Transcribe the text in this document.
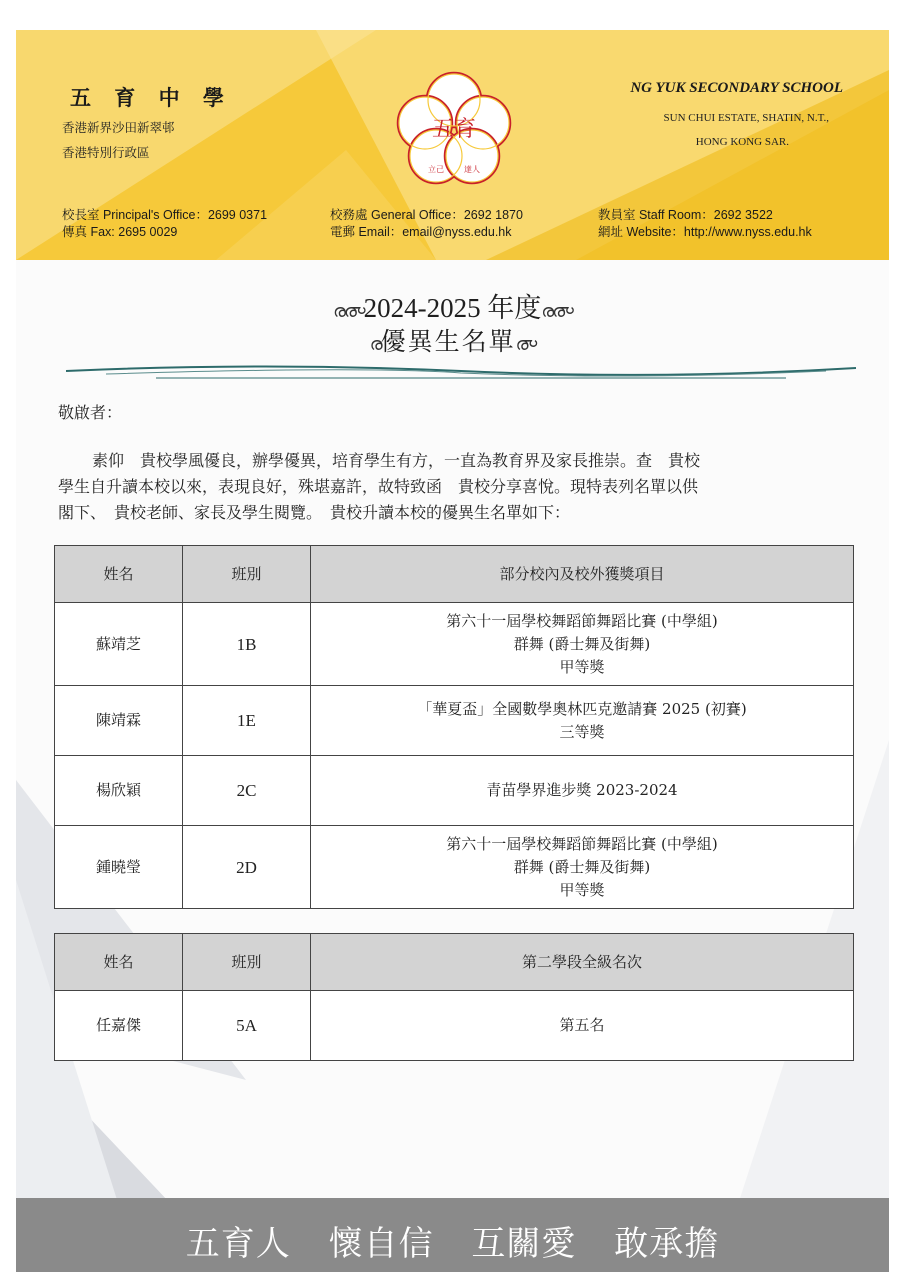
五 育 中 學
香港新界沙田新翠邨
香港特別行政區
五育
立己	達人
NG YUK SECONDARY SCHOOL
SUN CHUI ESTATE, SHATIN, N.T.,
HONG KONG SAR.
校長室 Principal's Office：2699 0371
傳真 Fax: 2695 0029
校務處 General Office：2692 1870
電郵 Email：email@nyss.edu.hk
教員室 Staff Room：2692 3522
網址 Website：http://www.nyss.edu.hk
ര൞2024-2025 年度ര൞
ര優異生名單൞
敬啟者：
素仰　貴校學風優良，辦學優異，培育學生有方，一直為教育界及家長推崇。查　貴校
學生自升讀本校以來，表現良好，殊堪嘉許，故特致函　貴校分享喜悅。現特表列名單以供
閣下、　貴校老師、家長及學生閱覽。　貴校升讀本校的優異生名單如下：
姓名	班別	部分校內及校外獲獎項目
蘇靖芝	1B	第六十一屆學校舞蹈節舞蹈比賽 (中學組)
群舞 (爵士舞及街舞)
甲等獎

陳靖霖	1E	「華夏盃」全國數學奧林匹克邀請賽 2025 (初賽)
三等獎

楊欣穎	2C	青苗學界進步獎 2023-2024

鍾曉瑩	2D	第六十一屆學校舞蹈節舞蹈比賽 (中學組)
群舞 (爵士舞及街舞)
甲等獎
姓名	班別	第二學段全級名次
任嘉傑	5A	第五名
五育人 懷自信 互關愛 敢承擔
